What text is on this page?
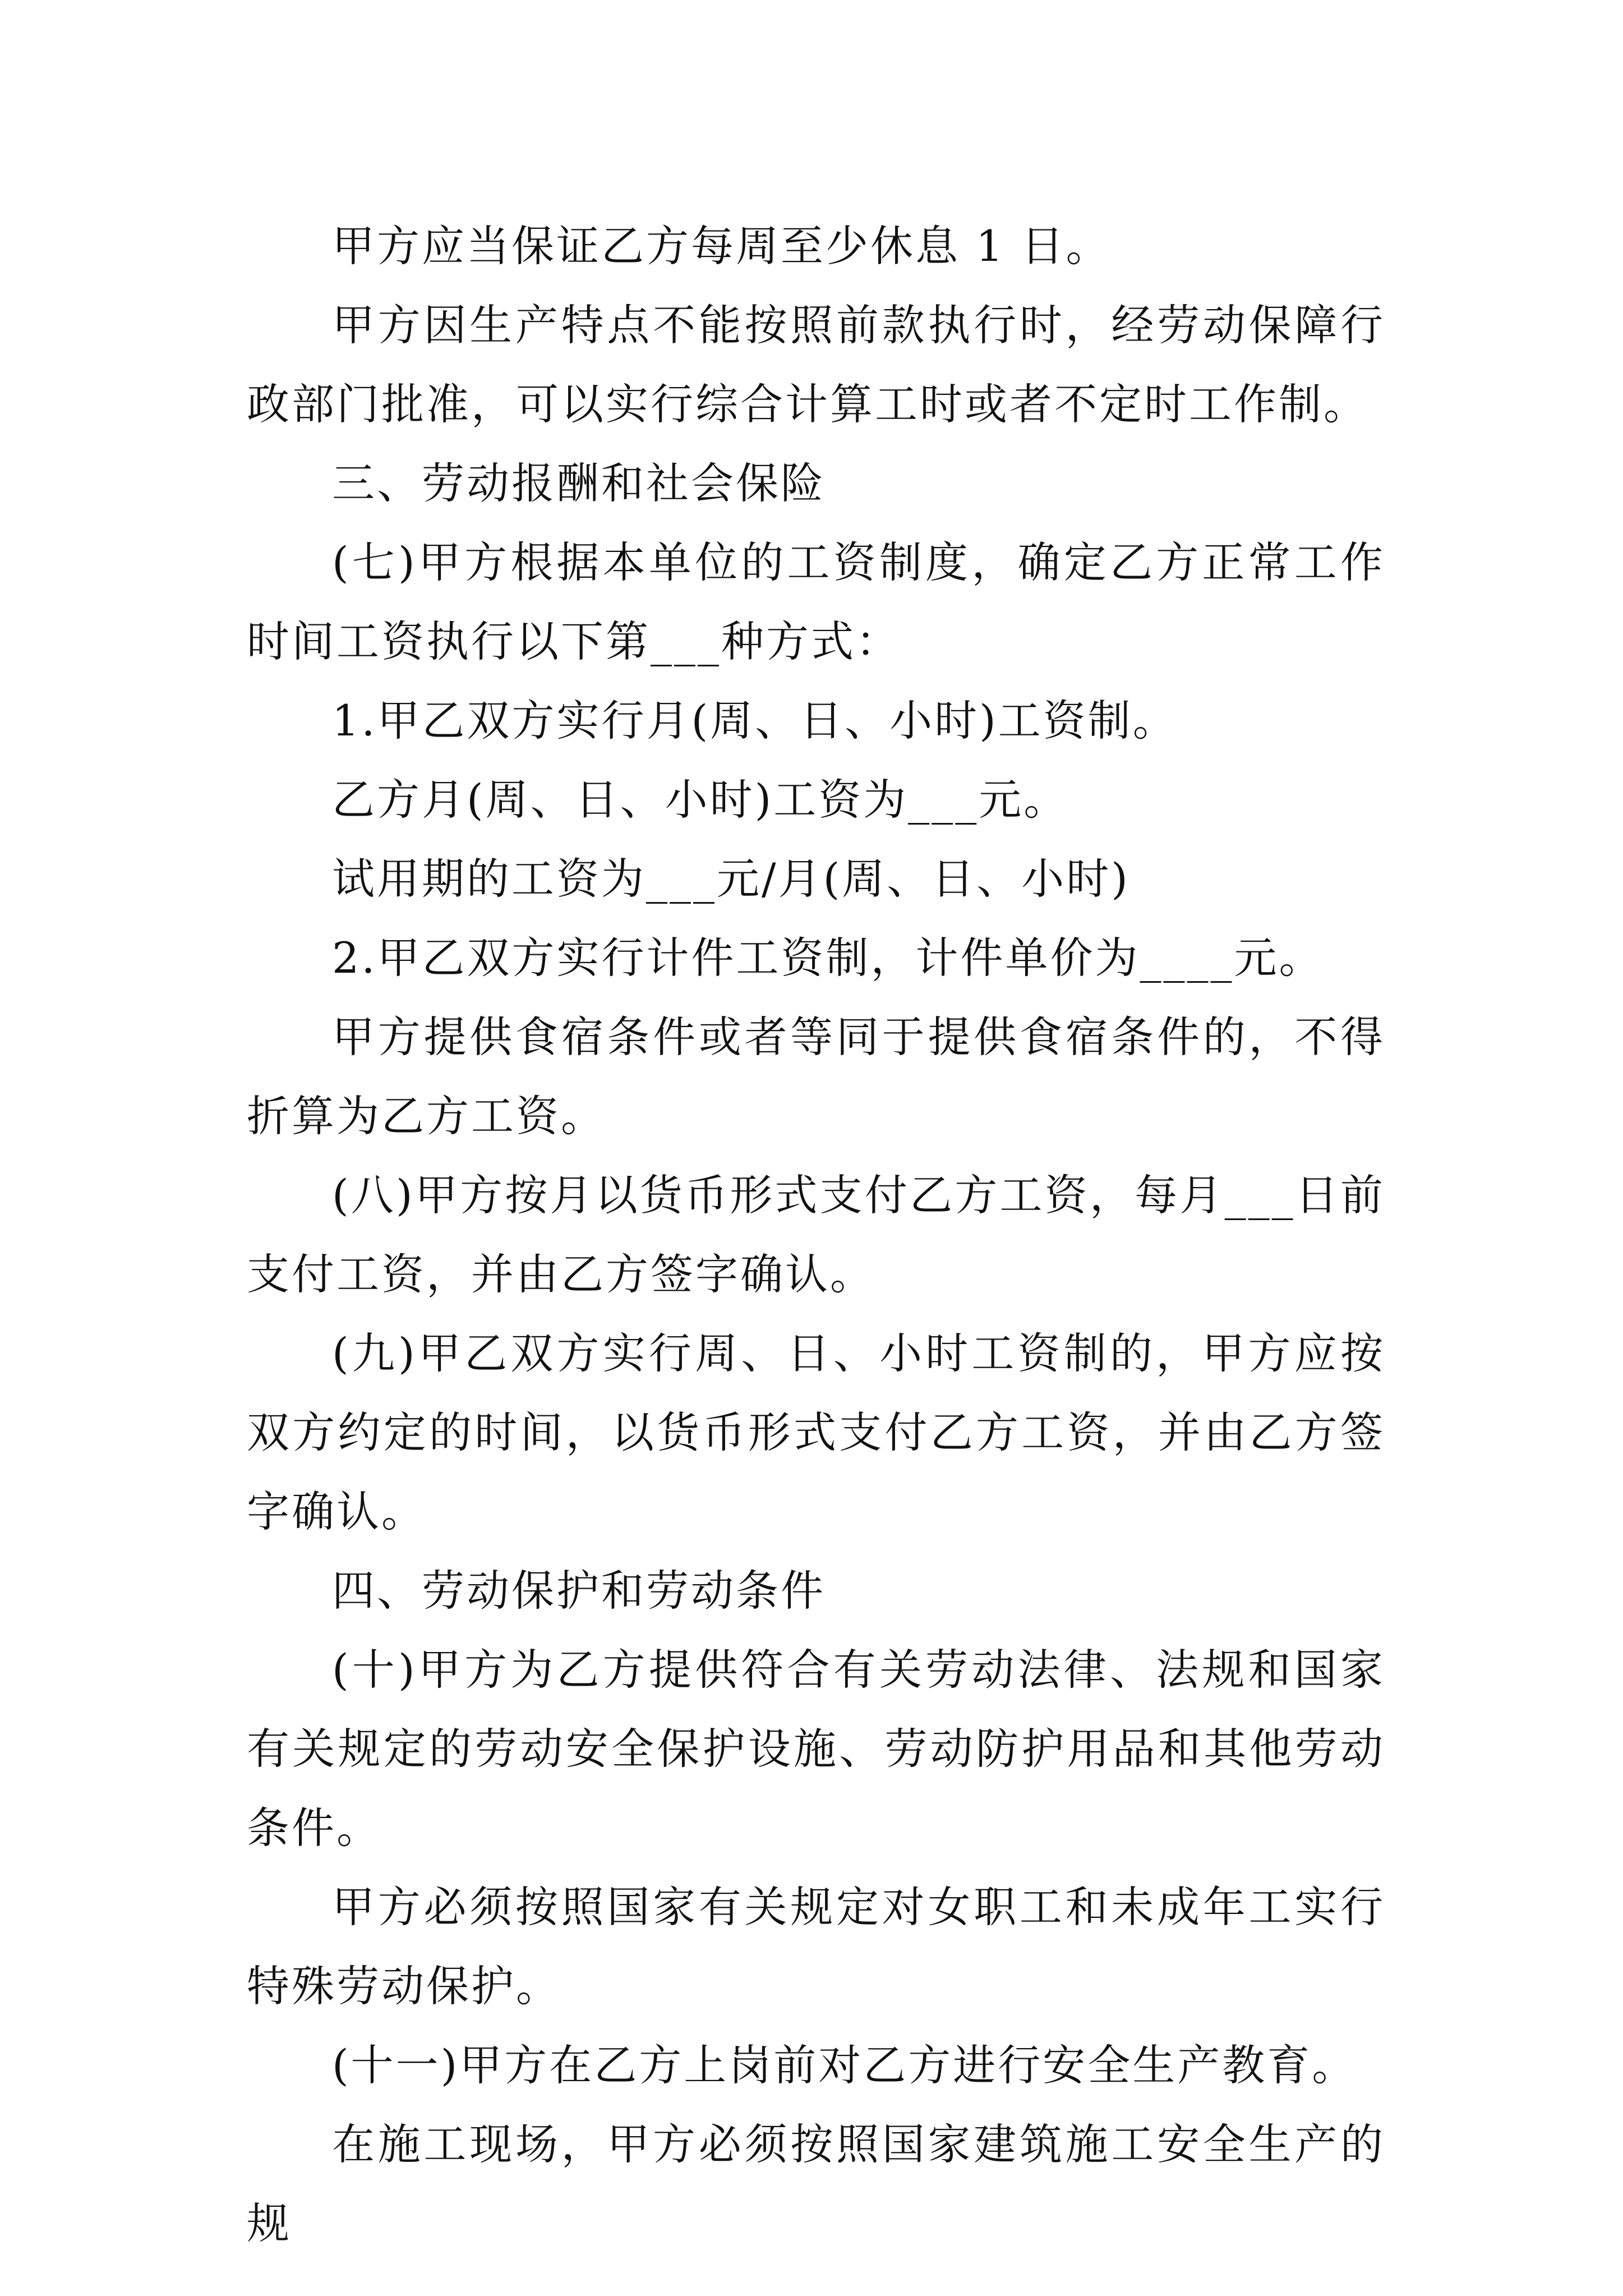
甲方应当保证乙方每周至少休息 1 日。

甲方因生产特点不能按照前款执行时，经劳动保障行政部门批准，可以实行综合计算工时或者不定时工作制。

三、劳动报酬和社会保险

(七)甲方根据本单位的工资制度，确定乙方正常工作时间工资执行以下第___种方式：

1.甲乙双方实行月(周、日、小时)工资制。

乙方月(周、日、小时)工资为___元。

试用期的工资为___元/月(周、日、小时)

2.甲乙双方实行计件工资制，计件单价为____元。

甲方提供食宿条件或者等同于提供食宿条件的，不得折算为乙方工资。

(八)甲方按月以货币形式支付乙方工资，每月___日前支付工资，并由乙方签字确认。

(九)甲乙双方实行周、日、小时工资制的，甲方应按双方约定的时间，以货币形式支付乙方工资，并由乙方签字确认。

四、劳动保护和劳动条件

(十)甲方为乙方提供符合有关劳动法律、法规和国家有关规定的劳动安全保护设施、劳动防护用品和其他劳动条件。

甲方必须按照国家有关规定对女职工和未成年工实行特殊劳动保护。

(十一)甲方在乙方上岗前对乙方进行安全生产教育。

在施工现场，甲方必须按照国家建筑施工安全生产的规
